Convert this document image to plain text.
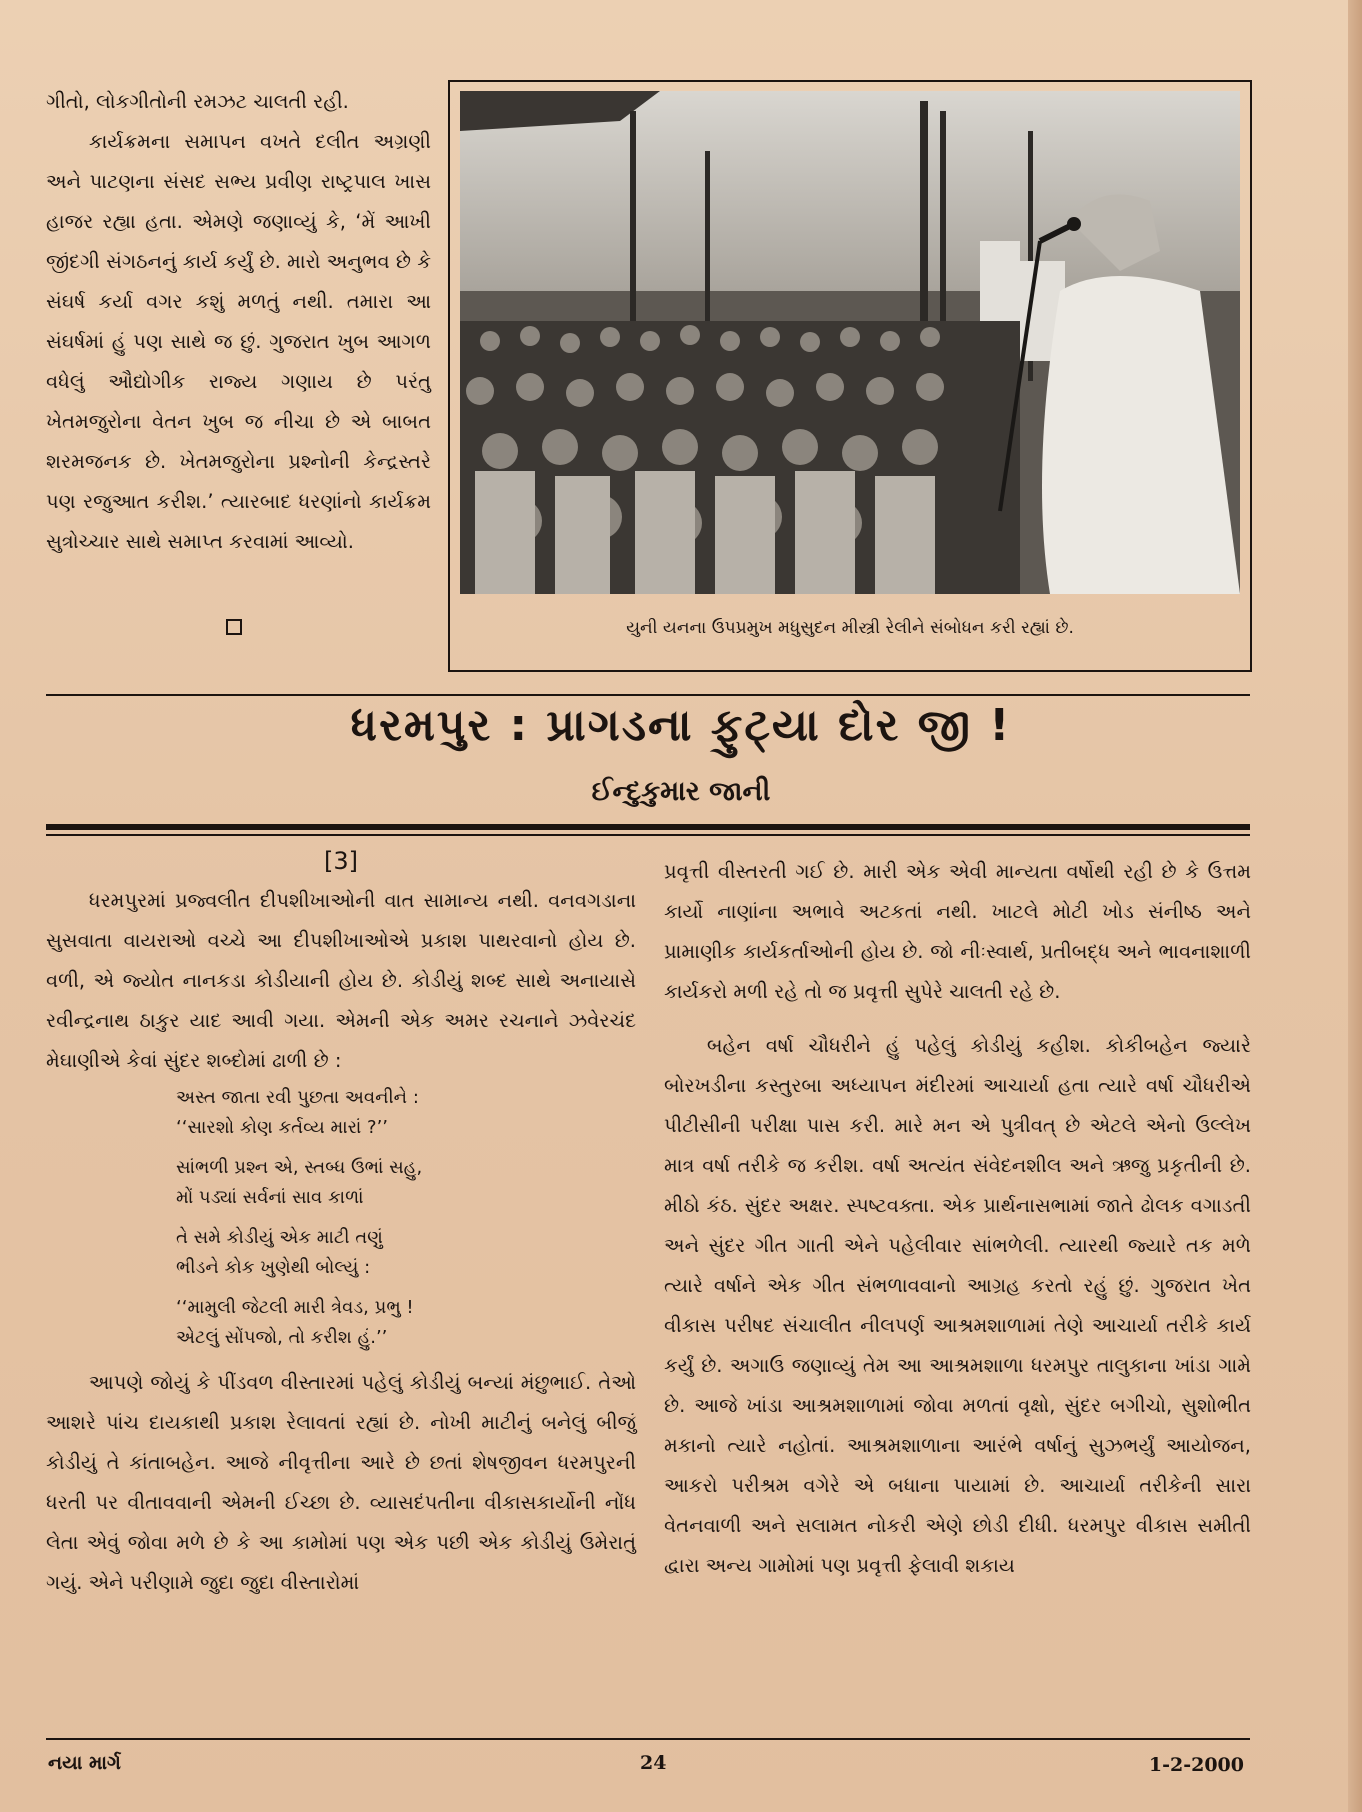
ગીતો, લોકગીતોની રમઝટ ચાલતી રહી.

કાર્યક્રમના સમાપન વખતે દલીત અગ્રણી અને પાટણના સંસદ સભ્ય પ્રવીણ રાષ્ટ્રપાલ ખાસ હાજર રહ્યા હતા. એમણે જણાવ્યું કે, ‘મેં આખી જીંદગી સંગઠનનું કાર્ય કર્યું છે. મારો અનુભવ છે કે સંઘર્ષ કર્યા વગર કશું મળતું નથી. તમારા આ સંઘર્ષમાં હું પણ સાથે જ છું. ગુજરાત ખુબ આગળ વધેલું ઔદ્યોગીક રાજ્ય ગણાય છે પરંતુ ખેતમજુરોના વેતન ખુબ જ નીચા છે એ બાબત શરમજનક છે. ખેતમજુરોના પ્રશ્નોની કેન્દ્રસ્તરે પણ રજુઆત કરીશ.’ ત્યારબાદ ધરણાંનો કાર્યક્રમ સુત્રોચ્ચાર સાથે સમાપ્ત કરવામાં આવ્યો.

યુની યનના ઉપપ્રમુખ મધુસુદન મીસ્ત્રી રેલીને સંબોધન કરી રહ્યાં છે.
ધરમપુર : પ્રાગડના ફુટ્યા દોર જી !
ઈન્દુકુમાર જાની

[3]

ધરમપુરમાં પ્રજ્વલીત દીપશીખાઓની વાત સામાન્ય નથી. વનવગડાના સુસવાતા વાયરાઓ વચ્ચે આ દીપશીખાઓએ પ્રકાશ પાથરવાનો હોય છે. વળી, એ જ્યોત નાનકડા કોડીયાની હોય છે. કોડીયું શબ્દ સાથે અનાયાસે રવીન્દ્રનાથ ઠાકુર યાદ આવી ગયા. એમની એક અમર રચનાને ઝવેરચંદ મેઘાણીએ કેવાં સુંદર શબ્દોમાં ઢાળી છે :

અસ્ત જાતા રવી પુછતા અવનીને :
‘‘સારશો કોણ કર્તવ્ય મારાં ?’’
સાંભળી પ્રશ્ન એ, સ્તબ્ધ ઉભાં સહુ,
મોં પડ્યાં સર્વનાં સાવ કાળાં
તે સમે કોડીયું એક માટી તણું
ભીડને કોક ખુણેથી બોલ્યું :
‘‘મામુલી જેટલી મારી ત્રેવડ, પ્રભુ !
એટલું સોંપજો, તો કરીશ હું.’’

આપણે જોયું કે પીંડવળ વીસ્તારમાં પહેલું કોડીયું બન્યાં મંછુભાઈ. તેઓ આશરે પાંચ દાયકાથી પ્રકાશ રેલાવતાં રહ્યાં છે. નોખી માટીનું બનેલું બીજું કોડીયું તે કાંતાબહેન. આજે નીવૃત્તીના આરે છે છતાં શેષજીવન ધરમપુરની ધરતી પર વીતાવવાની એમની ઈચ્છા છે. વ્યાસદંપતીના વીકાસકાર્યોની નોંધ લેતા એવું જોવા મળે છે કે આ કામોમાં પણ એક પછી એક કોડીયું ઉમેરાતું ગયું. એને પરીણામે જુદા જુદા વીસ્તારોમાં

પ્રવૃત્તી વીસ્તરતી ગઈ છે. મારી એક એવી માન્યતા વર્ષોથી રહી છે કે ઉત્તમ કાર્યો નાણાંના અભાવે અટકતાં નથી. ખાટલે મોટી ખોડ સંનીષ્ઠ અને પ્રામાણીક કાર્યકર્તાઓની હોય છે. જો નીઃસ્વાર્થ, પ્રતીબદ્ધ અને ભાવનાશાળી કાર્યકરો મળી રહે તો જ પ્રવૃત્તી સુપેરે ચાલતી રહે છે.

બહેન વર્ષા ચૌધરીને હું પહેલું કોડીયું કહીશ. કોકીબહેન જ્યારે બોરખડીના કસ્તુરબા અધ્યાપન મંદીરમાં આચાર્યા હતા ત્યારે વર્ષા ચૌધરીએ પીટીસીની પરીક્ષા પાસ કરી. મારે મન એ પુત્રીવત્ છે એટલે એનો ઉલ્લેખ માત્ર વર્ષા તરીકે જ કરીશ. વર્ષા અત્યંત સંવેદનશીલ અને ઋજુ પ્રકૃતીની છે. મીઠો કંઠ. સુંદર અક્ષર. સ્પષ્ટવક્તા. એક પ્રાર્થનાસભામાં જાતે ઢોલક વગાડતી અને સુંદર ગીત ગાતી એને પહેલીવાર સાંભળેલી. ત્યારથી જ્યારે તક મળે ત્યારે વર્ષાને એક ગીત સંભળાવવાનો આગ્રહ કરતો રહું છું. ગુજરાત ખેત વીકાસ પરીષદ સંચાલીત નીલપર્ણ આશ્રમશાળામાં તેણે આચાર્યા તરીકે કાર્ય કર્યું છે. અગાઉ જણાવ્યું તેમ આ આશ્રમશાળા ધરમપુર તાલુકાના ખાંડા ગામે છે. આજે ખાંડા આશ્રમશાળામાં જોવા મળતાં વૃક્ષો, સુંદર બગીચો, સુશોભીત મકાનો ત્યારે નહોતાં. આશ્રમશાળાના આરંભે વર્ષાનું સુઝભર્યું આયોજન, આકરો પરીશ્રમ વગેરે એ બધાના પાયામાં છે. આચાર્યા તરીકેની સારા વેતનવાળી અને સલામત નોકરી એણે છોડી દીધી. ધરમપુર વીકાસ સમીતી દ્વારા અન્ય ગામોમાં પણ પ્રવૃત્તી ફેલાવી શકાય

નયા માર્ગ	24	1-2-2000
